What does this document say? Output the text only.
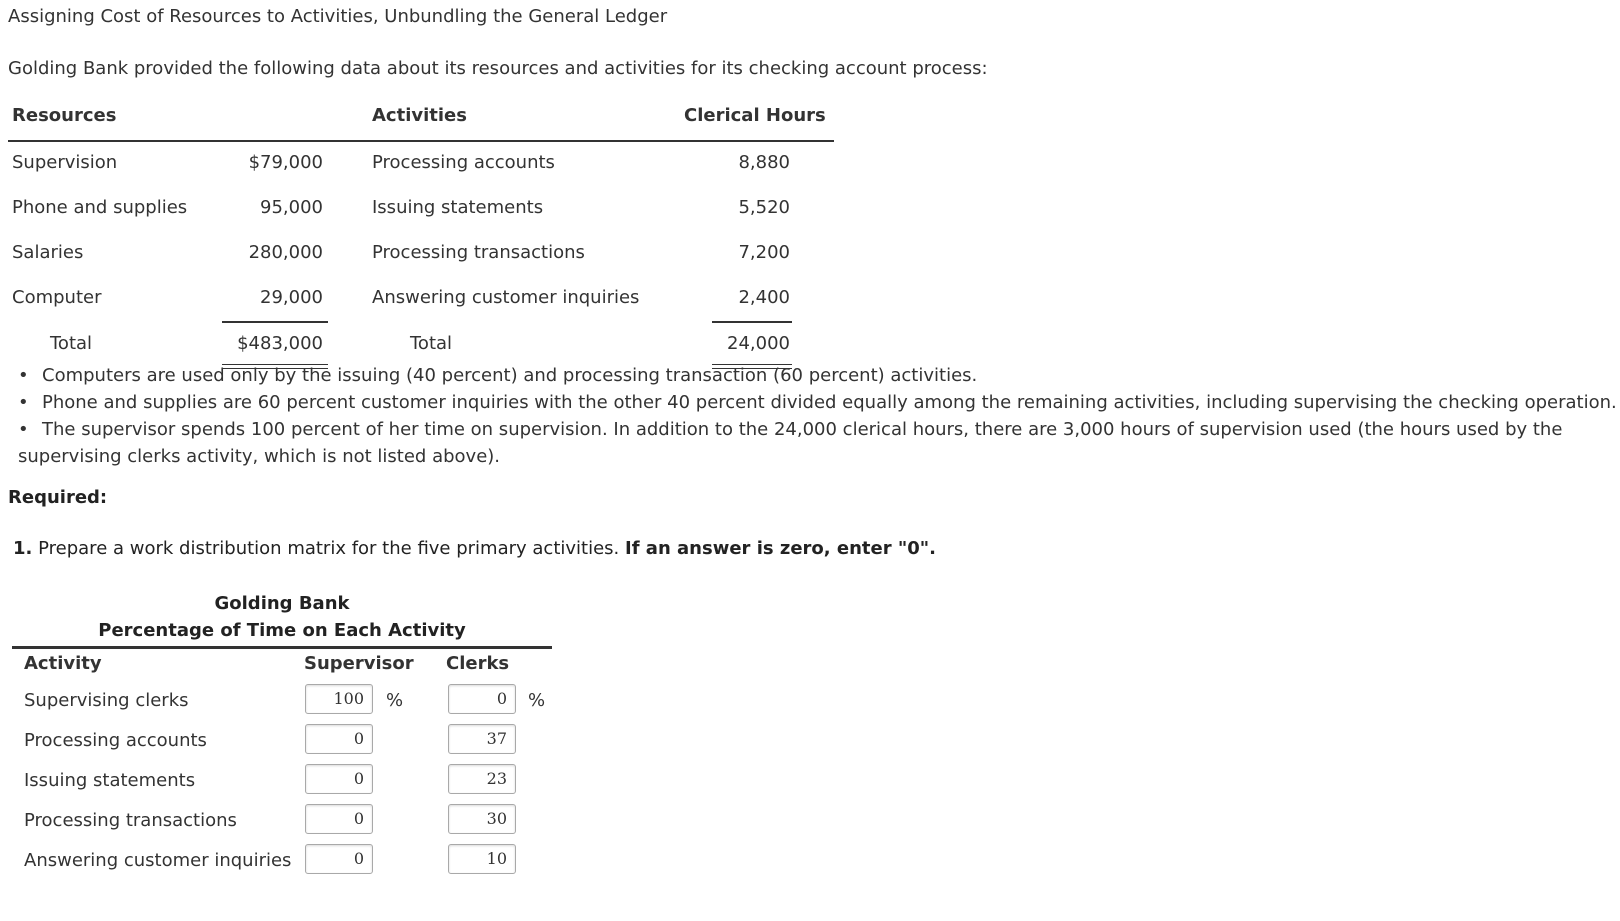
Assigning Cost of Resources to Activities, Unbundling the General Ledger
Golding Bank provided the following data about its resources and activities for its checking account process:
Resources	Activities	Clerical Hours
Supervision	$79,000	Processing accounts	8,880
Phone and supplies	95,000	Issuing statements	5,520
Salaries	280,000	Processing transactions	7,200
Computer	29,000	Answering customer inquiries	2,400
Total	$483,000	Total	24,000
• Computers are used only by the issuing (40 percent) and processing transaction (60 percent) activities.
• Phone and supplies are 60 percent customer inquiries with the other 40 percent divided equally among the remaining activities, including supervising the checking operation.
• The supervisor spends 100 percent of her time on supervision. In addition to the 24,000 clerical hours, there are 3,000 hours of supervision used (the hours used by the supervising clerks activity, which is not listed above).
Required:
1. Prepare a work distribution matrix for the five primary activities. If an answer is zero, enter "0".
Golding Bank
Percentage of Time on Each Activity
Activity	Supervisor Clerks
Supervising clerks	100	%	0	%
Processing accounts	0	37
Issuing statements	0	23
Processing transactions	0	30
Answering customer inquiries	0	10
